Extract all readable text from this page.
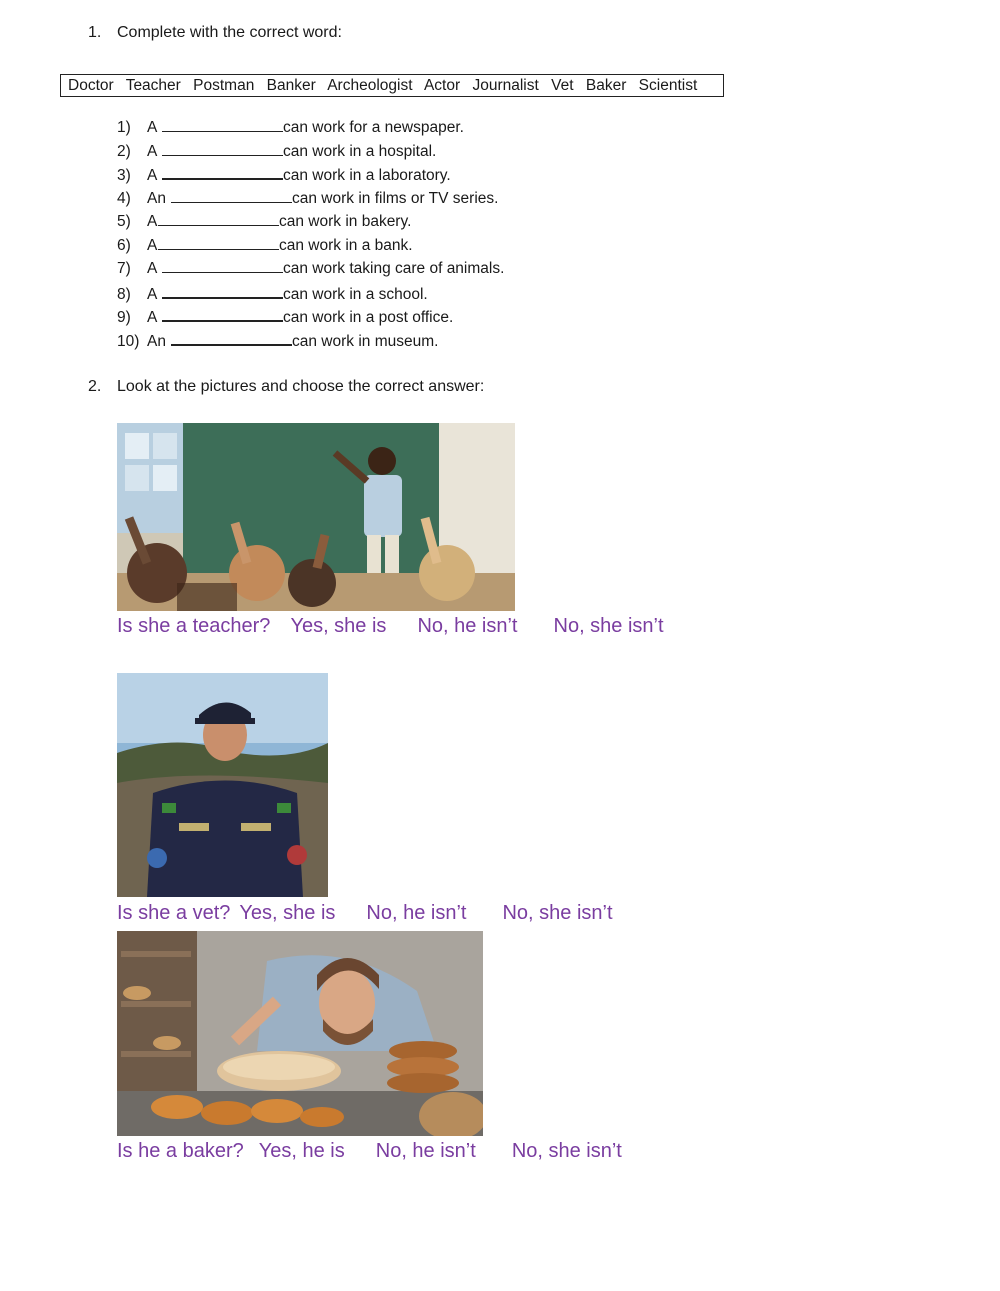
1. Complete with the correct word:
Doctor Teacher Postman Banker Archeologist Actor Journalist Vet Baker Scientist
1) A	can work for a newspaper.
2) A	can work in a hospital.
3) A	can work in a laboratory.
4) An	can work in films or TV series.
5) A	can work in bakery.
6) A	can work in a bank.
7) A	can work taking care of animals.
8) A	can work in a school.
9) A	can work in a post office.
10) An	can work in museum.
2. Look at the pictures and choose the correct answer:
Is she a teacher? Yes, she is No, he isn’t No, she isn’t
Is she a vet? Yes, she is No, he isn’t No, she isn’t
Is he a baker? Yes, he is No, he isn’t No, she isn’t
